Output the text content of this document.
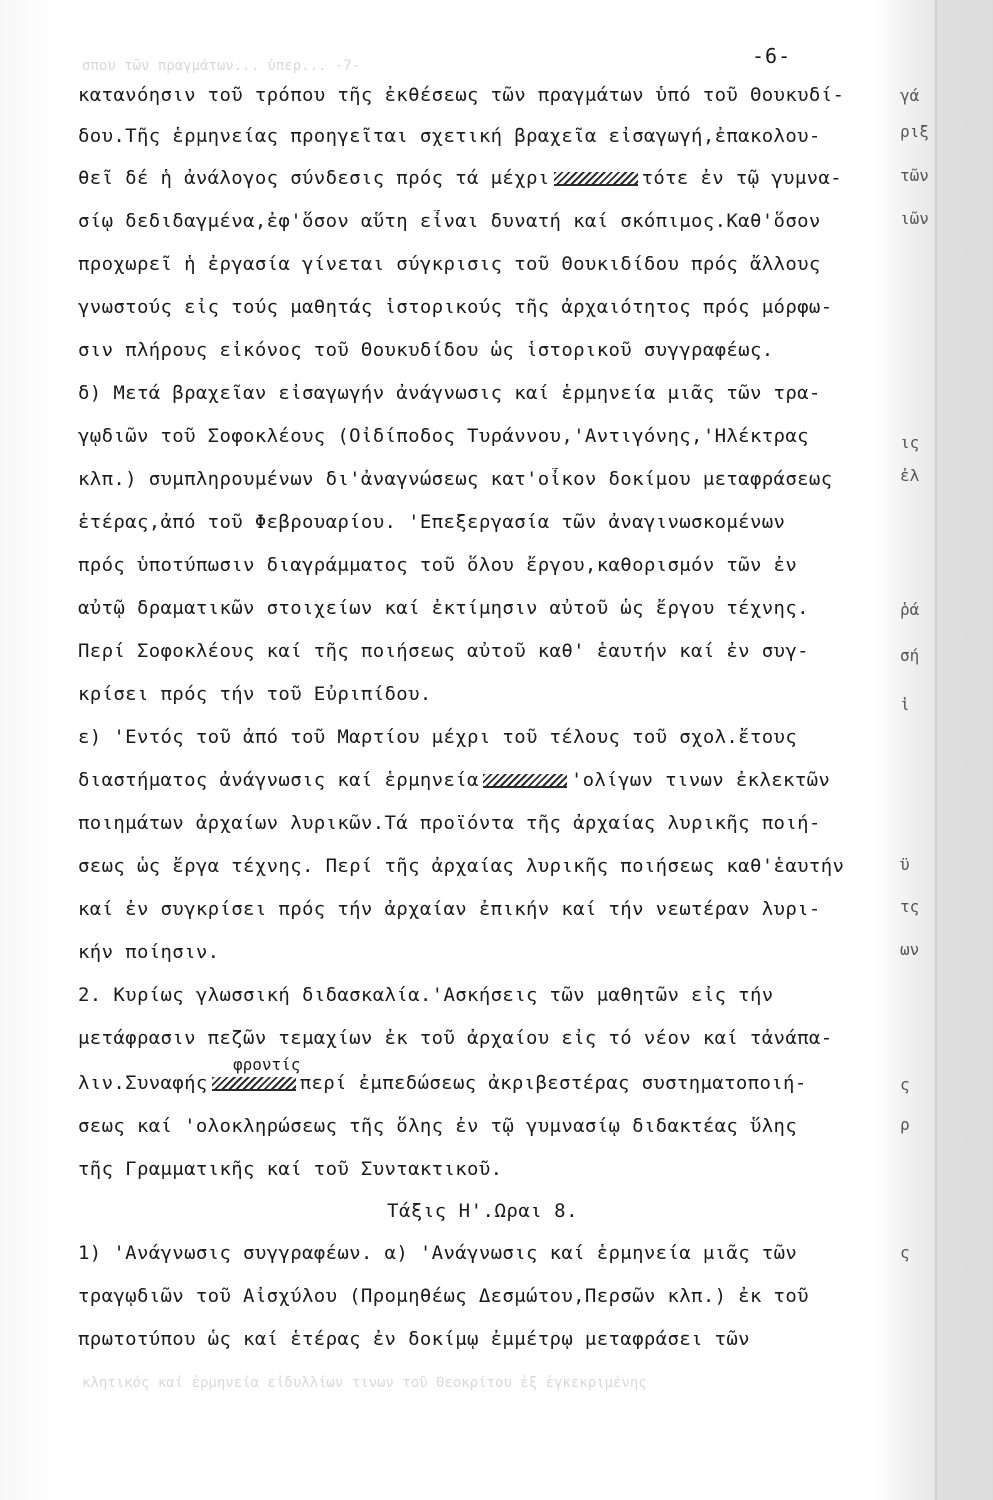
σπου τῶν πραγμάτων... ὑπερ... -7-
κλητικός καί ἑρμηνεία εἰδυλλίων τινων τοῦ Θεοκρίτου ἐξ ἐγκεκριμένης
-6-
κατανόησιν τοῦ τρόπου τῆς ἐκθέσεως τῶν πραγμάτων ὑπό τοῦ Θουκυδί-
δου.Τῆς ἑρμηνείας προηγεῖται σχετική βραχεῖα εἰσαγωγή,ἐπακολου-
θεῖ δέ ἡ ἀνάλογος σύνδεσις πρός τά μέχρι	τότε ἐν τῷ γυμνα-
σίῳ δεδιδαγμένα,ἐφ'ὅσον αὕτη εἶναι δυνατή καί σκόπιμος.Καθ'ὅσον
προχωρεῖ ἡ ἐργασία γίνεται σύγκρισις τοῦ Θουκιδίδου πρός ἄλλους
γνωστούς εἰς τούς μαθητάς ἱστορικούς τῆς ἀρχαιότητος πρός μόρφω-
σιν πλήρους εἰκόνος τοῦ Θουκυδίδου ὡς ἱστορικοῦ συγγραφέως.
δ) Μετά βραχεῖαν εἰσαγωγήν ἀνάγνωσις καί ἑρμηνεία μιᾶς τῶν τρα-
γῳδιῶν τοῦ Σοφοκλέους (Οἰδίποδος Τυράννου,'Αντιγόνης,'Ηλέκτρας
κλπ.) συμπληρουμένων δι'ἀναγνώσεως κατ'οἶκον δοκίμου μεταφράσεως
ἑτέρας,ἀπό τοῦ Φεβρουαρίου. 'Επεξεργασία τῶν ἀναγινωσκομένων
πρός ὑποτύπωσιν διαγράμματος τοῦ ὅλου ἔργου,καθορισμόν τῶν ἐν
αὐτῷ δραματικῶν στοιχείων καί ἐκτίμησιν αὐτοῦ ὡς ἔργου τέχνης.
Περί Σοφοκλέους καί τῆς ποιήσεως αὐτοῦ καθ' ἑαυτήν καί ἐν συγ-
κρίσει πρός τήν τοῦ Εὐριπίδου.
ε) 'Εντός τοῦ ἀπό τοῦ Μαρτίου μέχρι τοῦ τέλους τοῦ σχολ.ἔτους
διαστήματος ἀνάγνωσις καί ἑρμηνεία	'ολίγων τινων ἐκλεκτῶν
ποιημάτων ἀρχαίων λυρικῶν.Τά προϊόντα τῆς ἀρχαίας λυρικῆς ποιή-
σεως ὡς ἔργα τέχνης. Περί τῆς ἀρχαίας λυρικῆς ποιήσεως καθ'ἑαυτήν
καί ἐν συγκρίσει πρός τήν ἀρχαίαν ἐπικήν καί τήν νεωτέραν λυρι-
κήν ποίησιν.
2. Κυρίως γλωσσική διδασκαλία.'Ασκήσεις τῶν μαθητῶν εἰς τήν
μετάφρασιν πεζῶν τεμαχίων ἐκ τοῦ ἀρχαίου εἰς τό νέον καί τἀνάπα-
φροντίς
λιν.Συναφής	περί ἐμπεδώσεως ἀκριβεστέρας συστηματοποιή-
σεως καί 'ολοκληρώσεως τῆς ὅλης ἐν τῷ γυμνασίῳ διδακτέας ὕλης
τῆς Γραμματικῆς καί τοῦ Συντακτικοῦ.
Τάξις Η'.Ωραι 8.
1) 'Ανάγνωσις συγγραφέων. α) 'Ανάγνωσις καί ἑρμηνεία μιᾶς τῶν
τραγῳδιῶν τοῦ Αἰσχύλου (Προμηθέως Δεσμώτου,Περσῶν κλπ.) ἐκ τοῦ
πρωτοτύπου ὡς καί ἑτέρας ἐν δοκίμῳ ἐμμέτρῳ μεταφράσει τῶν
γά
ριξ
τῶν
ιῶν
ις
ἐλ
ῥά
σή
ἱ
ϋ
τς
ων
ς
ρ
ς
